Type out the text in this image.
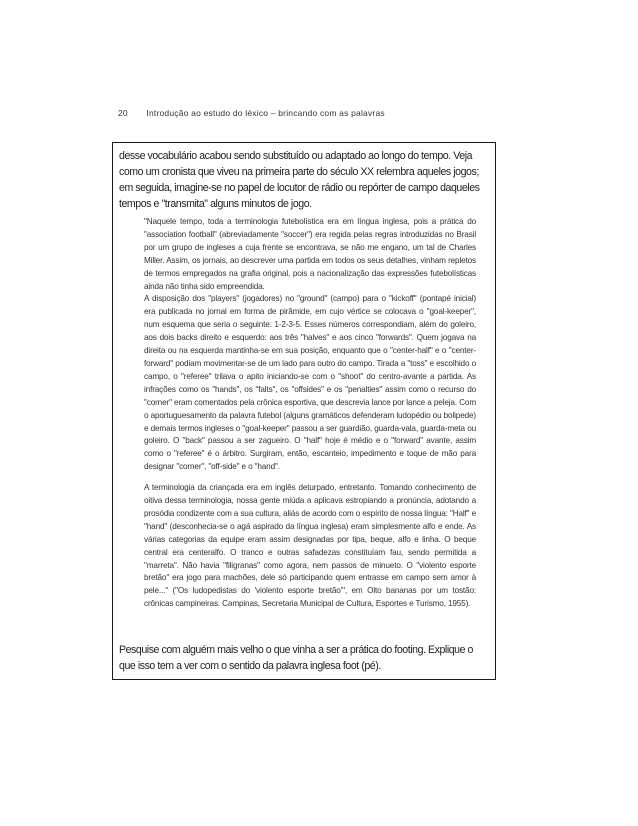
20 Introdução ao estudo do léxico – brincando com as palavras

desse vocabulário acabou sendo substituído ou adaptado ao longo do tempo. Veja como um cronista que viveu na primeira parte do século XX relembra aqueles jogos; em seguida, imagine-se no papel de locutor de rádio ou repórter de campo daqueles tempos e "transmita" alguns minutos de jogo.

"Naquele tempo, toda a terminologia futebolística era em língua inglesa, pois a prática do "association football" (abreviadamente "soccer") era regida pelas regras introduzidas no Brasil por um grupo de ingleses a cuja frente se encontrava, se não me engano, um tal de Charles Miller. Assim, os jornais, ao descrever uma partida em todos os seus detalhes, vinham repletos de termos empregados na grafia original, pois a nacionalização das expressões futebolísticas ainda não tinha sido empreendida.

A disposição dos "players" (jogadores) no "ground" (campo) para o "kickoff" (pontapé inicial) era publicada no jornal em forma de pirâmide, em cujo vértice se colocava o "goal-keeper", num esquema que seria o seguinte: 1-2-3-5. Esses números correspondiam, além do goleiro, aos dois backs direito e esquerdo: aos três "halves" e aos cinco "forwards". Quem jogava na direita ou na esquerda mantinha-se em sua posição, enquanto que o "center-half" e o "center-forward" podiam movimentar-se de um lado para outro do campo. Tirada a "toss" e escolhido o campo, o "referee" trilava o apito iniciando-se com o "shoot" do centro-avante a partida. As infrações como os "hands", os "falts", os "offsides" e os "penalties" assim como o recurso do "corner" eram comentados pela crônica esportiva, que descrevia lance por lance a peleja. Com o aportuguesamento da palavra futebol (alguns gramáticos defenderam ludopédio ou bolipede) e demais termos ingleses o "goal-keeper" passou a ser guardião, guarda-vala, guarda-meta ou goleiro. O "back" passou a ser zagueiro. O "half" hoje é médio e o "forward" avante, assim como o "referee" é o árbitro. Surgiram, então, escanteio, impedimento e toque de mão para designar "corner", "off-side" e o "hand".

A terminologia da criançada era em inglês deturpado, entretanto. Tomando conhecimento de oitiva dessa terminologia, nossa gente miúda a aplicava estropiando a pronúncia, adotando a prosódia condizente com a sua cultura, aliás de acordo com o espírito de nossa língua: "Half" e "hand" (desconhecia-se o agá aspirado da língua inglesa) eram simplesmente alfo e ende. As várias categorias da equipe eram assim designadas por tipa, beque, alfo e linha. O beque central era centeralfo. O tranco e outras safadezas constituíam fau, sendo permitida a "marreta". Não havia "filigranas" como agora, nem passos de minueto. O "violento esporte bretão" era jogo para machões, dele só participando quem entrasse em campo sem amor à pele..." ("Os ludopedistas do 'violento esporte bretão'", em Olto bananas por um tostão: crônicas campineiras. Campinas, Secretaria Municipal de Cultura, Esportes e Turismo, 1955).

Pesquise com alguém mais velho o que vinha a ser a prática do footing. Explique o que isso tem a ver com o sentido da palavra inglesa foot (pé).
